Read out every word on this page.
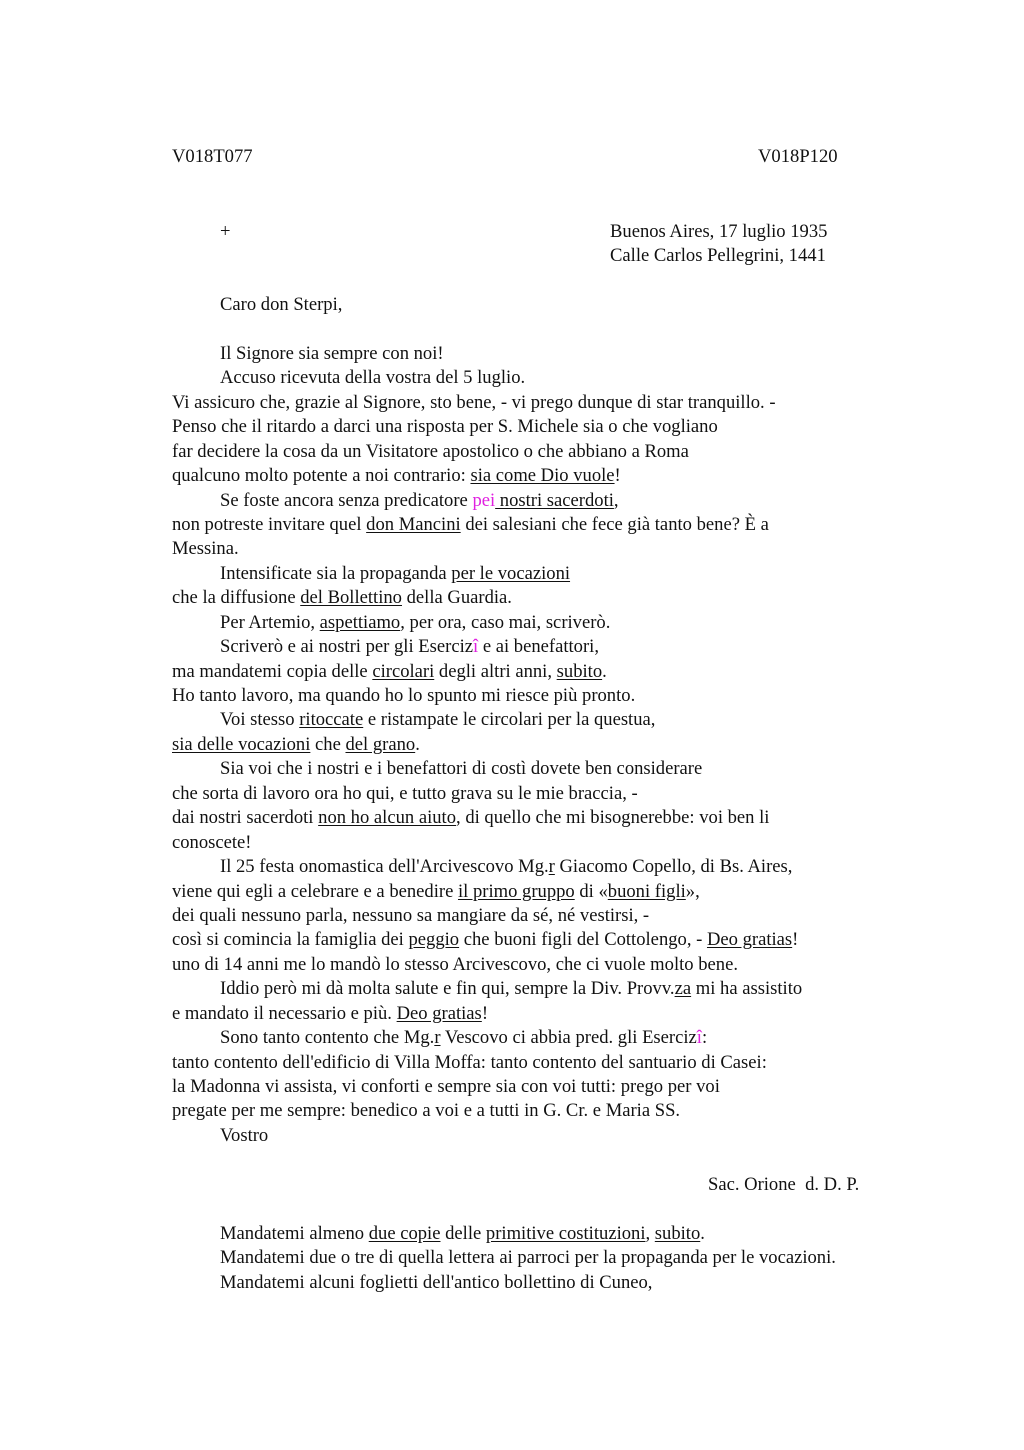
V018T077	V018P120
+	Buenos Aires, 17 luglio 1935
Calle Carlos Pellegrini, 1441
Caro don Sterpi,
Il Signore sia sempre con noi!
Accuso ricevuta della vostra del 5 luglio.
Vi assicuro che, grazie al Signore, sto bene, - vi prego dunque di star tranquillo. -
Penso che il ritardo a darci una risposta per S. Michele sia o che vogliano
far decidere la cosa da un Visitatore apostolico o che abbiano a Roma
qualcuno molto potente a noi contrario: sia come Dio vuole!
Se foste ancora senza predicatore pei nostri sacerdoti,
non potreste invitare quel don Mancini dei salesiani che fece già tanto bene? È a
Messina.
Intensificate sia la propaganda per le vocazioni
che la diffusione del Bollettino della Guardia.
Per Artemio, aspettiamo, per ora, caso mai, scriverò.
Scriverò e ai nostri per gli Esercizî e ai benefattori,
ma mandatemi copia delle circolari degli altri anni, subito.
Ho tanto lavoro, ma quando ho lo spunto mi riesce più pronto.
Voi stesso ritoccate e ristampate le circolari per la questua,
sia delle vocazioni che del grano.
Sia voi che i nostri e i benefattori di costì dovete ben considerare
che sorta di lavoro ora ho qui, e tutto grava su le mie braccia, -
dai nostri sacerdoti non ho alcun aiuto, di quello che mi bisognerebbe: voi ben li
conoscete!
Il 25 festa onomastica dell'Arcivescovo Mg.r Giacomo Copello, di Bs. Aires,
viene qui egli a celebrare e a benedire il primo gruppo di «buoni figli»,
dei quali nessuno parla, nessuno sa mangiare da sé, né vestirsi, -
così si comincia la famiglia dei peggio che buoni figli del Cottolengo, - Deo gratias!
uno di 14 anni me lo mandò lo stesso Arcivescovo, che ci vuole molto bene.
Iddio però mi dà molta salute e fin qui, sempre la Div. Provv.za mi ha assistito
e mandato il necessario e più. Deo gratias!
Sono tanto contento che Mg.r Vescovo ci abbia pred. gli Esercizî:
tanto contento dell'edificio di Villa Moffa: tanto contento del santuario di Casei:
la Madonna vi assista, vi conforti e sempre sia con voi tutti: prego per voi
pregate per me sempre: benedico a voi e a tutti in G. Cr. e Maria SS.
Vostro
Sac. Orione  d. D. P.
Mandatemi almeno due copie delle primitive costituzioni, subito.
Mandatemi due o tre di quella lettera ai parroci per la propaganda per le vocazioni.
Mandatemi alcuni foglietti dell'antico bollettino di Cuneo,
